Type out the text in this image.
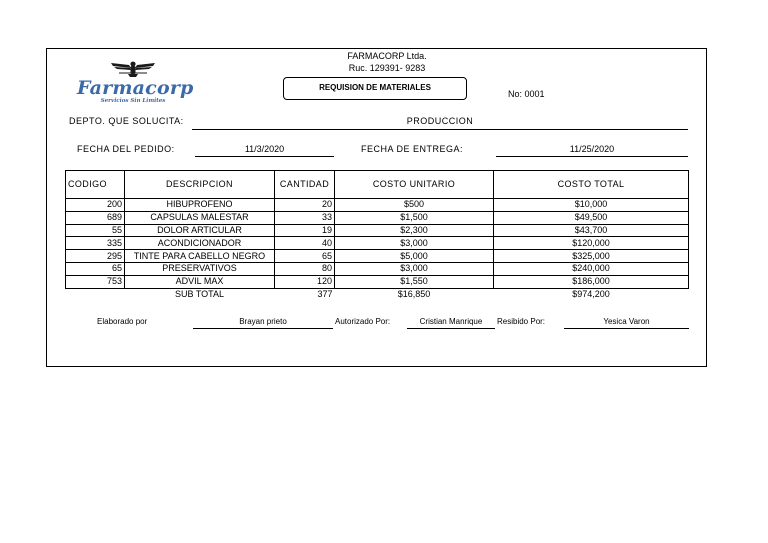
Farmacorp
Servicios Sin Limites
FARMACORP Ltda.
Ruc. 129391- 9283
REQUISION DE MATERIALES
No: 0001
DEPTO. QUE SOLUCITA:	PRODUCCION
FECHA DEL PEDIDO:	11/3/2020	FECHA DE ENTREGA:	11/25/2020
CODIGO	DESCRIPCION	CANTIDAD	COSTO UNITARIO	COSTO TOTAL
200	HIBUPROFENO	20	$500	$10,000
689	CAPSULAS MALESTAR	33	$1,500	$49,500
55	DOLOR ARTICULAR	19	$2,300	$43,700
335	ACONDICIONADOR	40	$3,000	$120,000
295	TINTE PARA CABELLO NEGRO	65	$5,000	$325,000
65	PRESERVATIVOS	80	$3,000	$240,000
753	ADVIL MAX	120	$1,550	$186,000
	SUB TOTAL	377	$16,850	$974,200
Elaborado por	Brayan prieto	Autorizado Por:	Cristian Manrique	Resibido Por:	Yesica Varon
